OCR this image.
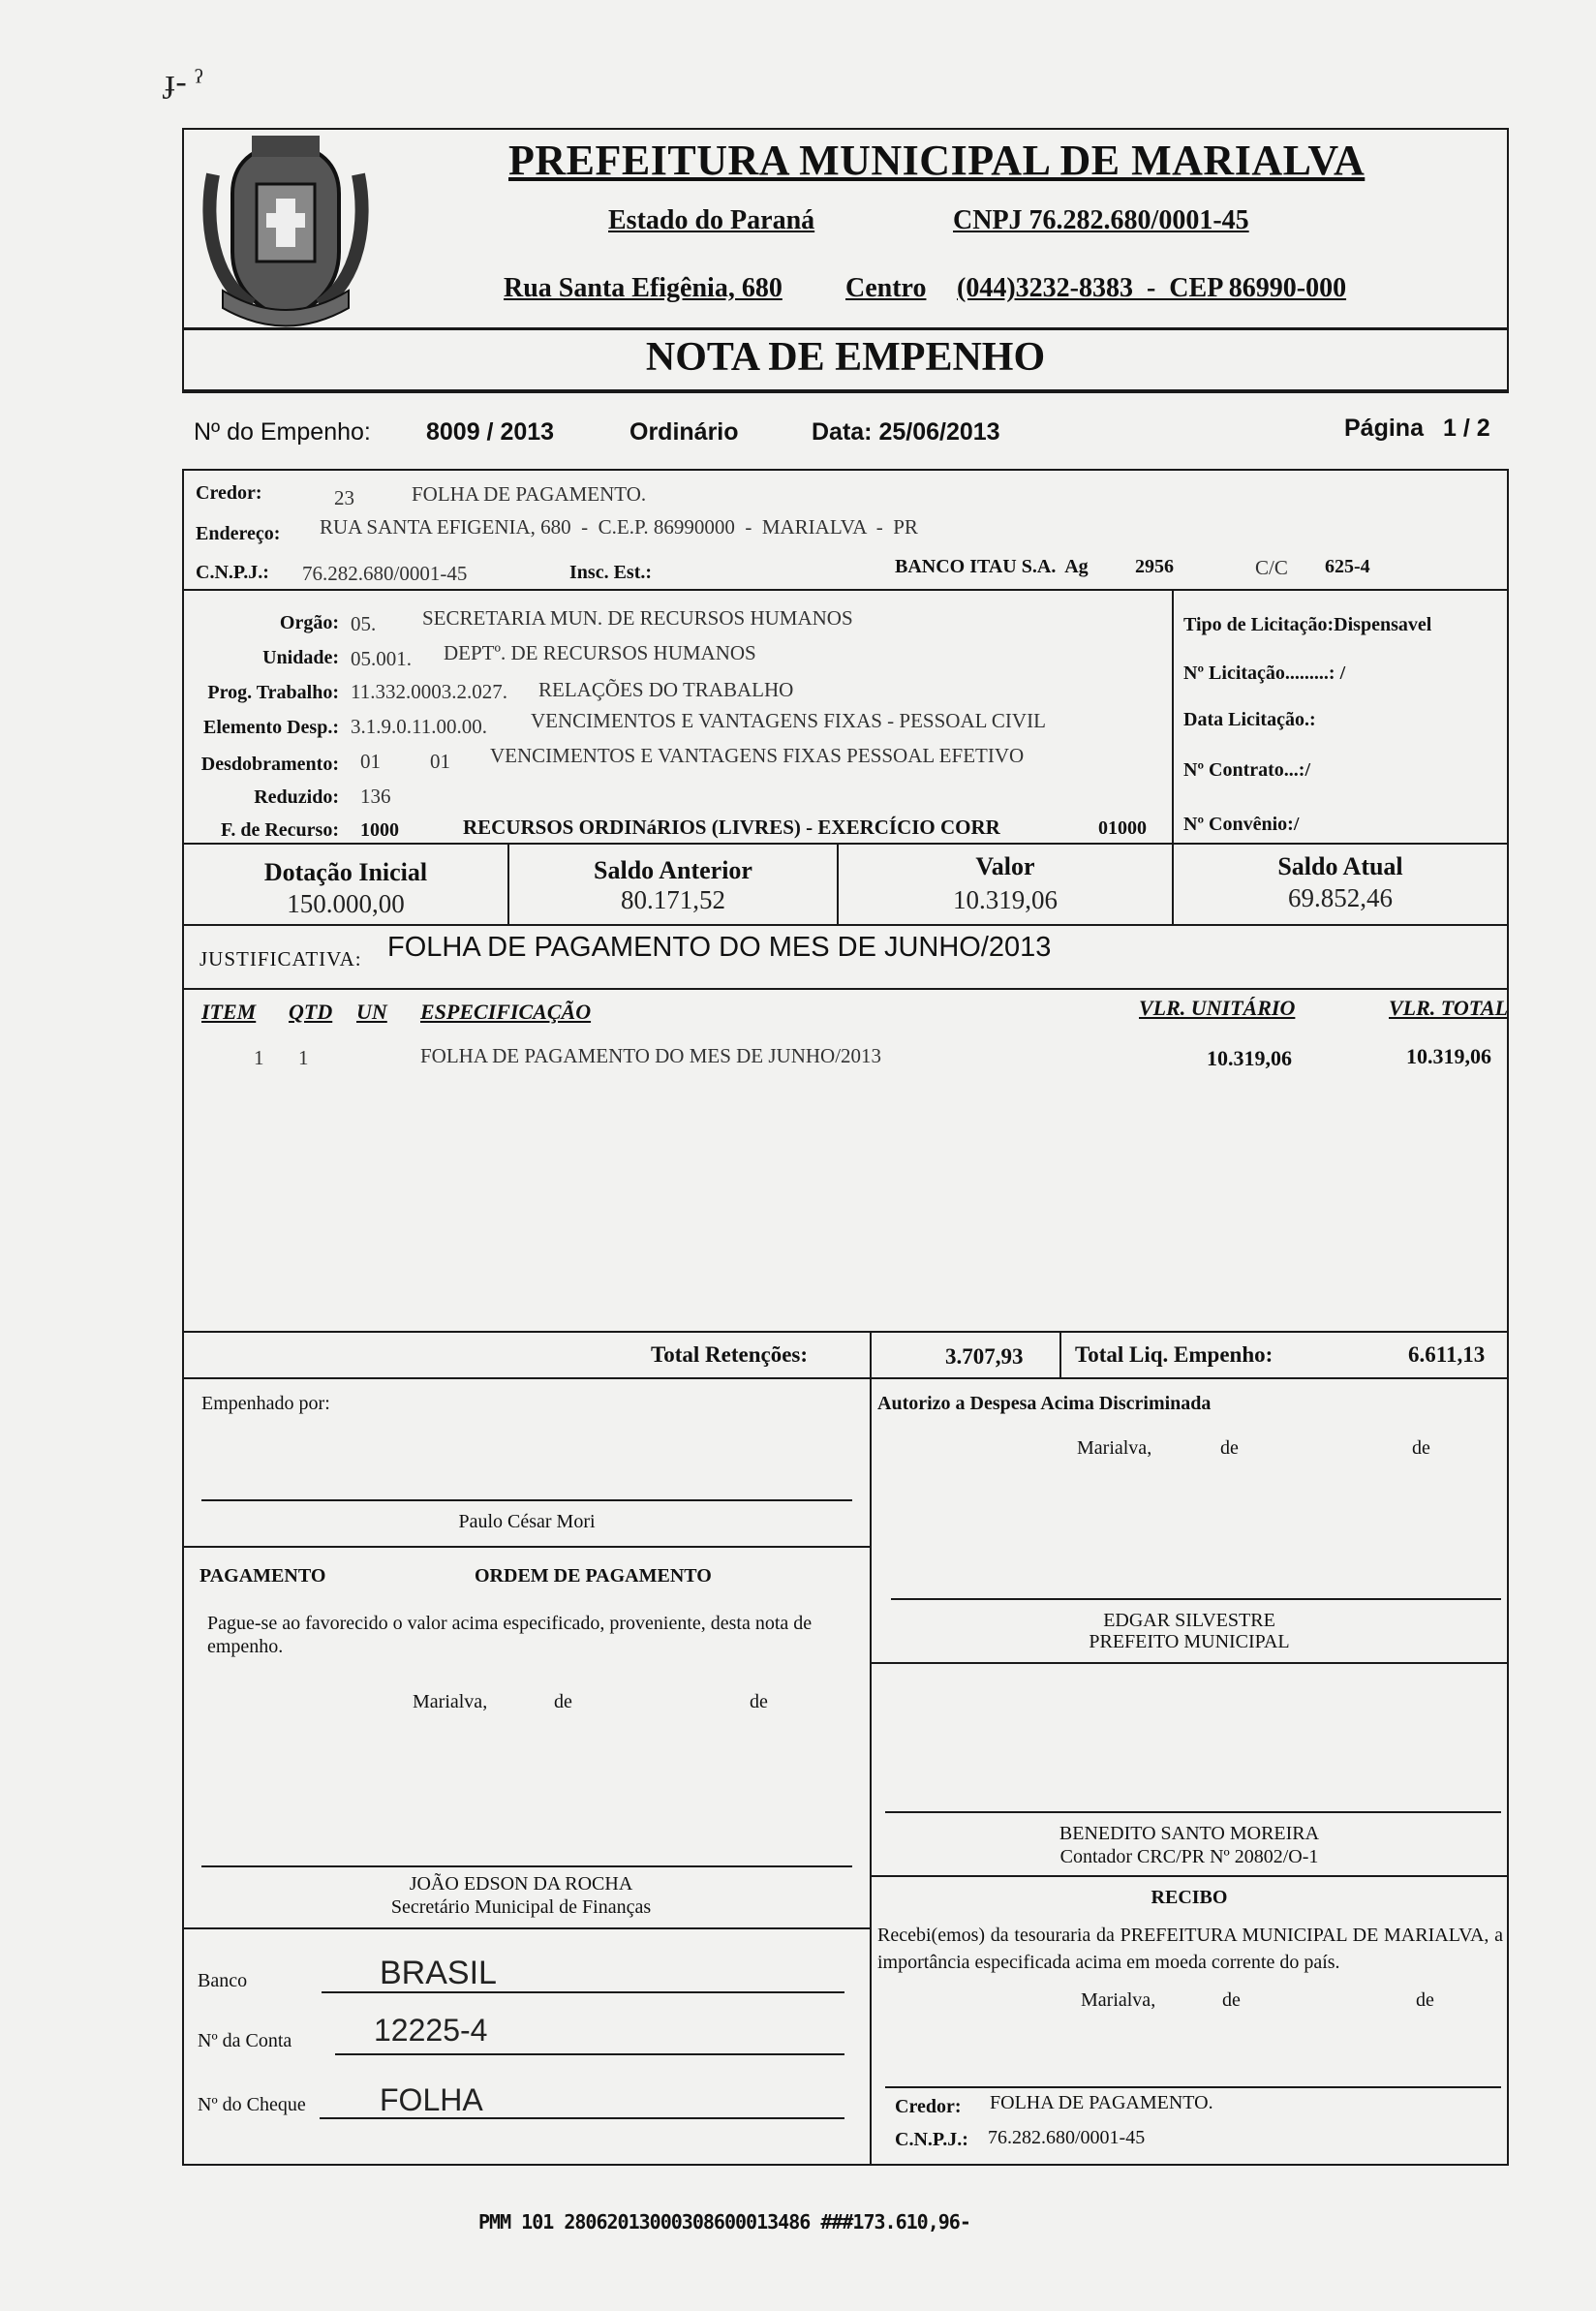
ɟ- ˀ
PREFEITURA MUNICIPAL DE MARIALVA
Estado do Paraná	CNPJ 76.282.680/0001-45
Rua Santa Efigênia, 680 Centro (044)3232-8383  -  CEP 86990-000
NOTA DE EMPENHO
Nº do Empenho: 8009 / 2013	Ordinário	Data: 25/06/2013	Página 1 / 2
Credor:	23	FOLHA DE PAGAMENTO.
Endereço: RUA SANTA EFIGENIA, 680  -  C.E.P. 86990000  -  MARIALVA  -  PR
C.N.P.J.: 76.282.680/0001-45	Insc. Est.:	BANCO ITAU S.A.  Ag 2956	C/C 625-4
Orgão: 05. SECRETARIA MUN. DE RECURSOS HUMANOS
Unidade: 05.001. DEPTº. DE RECURSOS HUMANOS
Prog. Trabalho: 11.332.0003.2.027. RELAÇÕES DO TRABALHO
Elemento Desp.: 3.1.9.0.11.00.00. VENCIMENTOS E VANTAGENS FIXAS - PESSOAL CIVIL
Desdobramento: 01 01 VENCIMENTOS E VANTAGENS FIXAS PESSOAL EFETIVO
Reduzido: 136
F. de Recurso: 1000	RECURSOS ORDINáRIOS (LIVRES) - EXERCÍCIO CORR	01000
Tipo de Licitação:Dispensavel
Nº Licitação.........: /
Data Licitação.:
Nº Contrato...:/
Nº Convênio:/
Dotação Inicial
150.000,00
Saldo Anterior
80.171,52
Valor
10.319,06
Saldo Atual
69.852,46
JUSTIFICATIVA: FOLHA DE PAGAMENTO DO MES DE JUNHO/2013
ITEM QTD UN ESPECIFICAÇÃO	VLR. UNITÁRIO	VLR. TOTAL
1 1	FOLHA DE PAGAMENTO DO MES DE JUNHO/2013	10.319,06	10.319,06
Total Retenções:	3.707,93 Total Liq. Empenho:	6.611,13
Empenhado por:
Paulo César Mori
Autorizo a Despesa Acima Discriminada
Marialva,	de	de
PAGAMENTO	ORDEM DE PAGAMENTO
Pague-se ao favorecido o valor acima especificado, proveniente, desta nota de empenho.
Marialva,	de	de
EDGAR SILVESTRE
PREFEITO MUNICIPAL
BENEDITO SANTO MOREIRA
Contador CRC/PR Nº 20802/O-1
JOÃO EDSON DA ROCHA
Secretário Municipal de Finanças	RECIBO
Recebi(emos) da tesouraria da PREFEITURA MUNICIPAL DE MARIALVA, a importância especificada acima em moeda corrente do país.
Marialva,	de	de
Banco	BRASIL
Nº da Conta	12225-4
Nº do Cheque FOLHA	Credor: FOLHA DE PAGAMENTO.
C.N.P.J.: 76.282.680/0001-45
PMM 101 28062013000308600013486 ###173.610,96-
